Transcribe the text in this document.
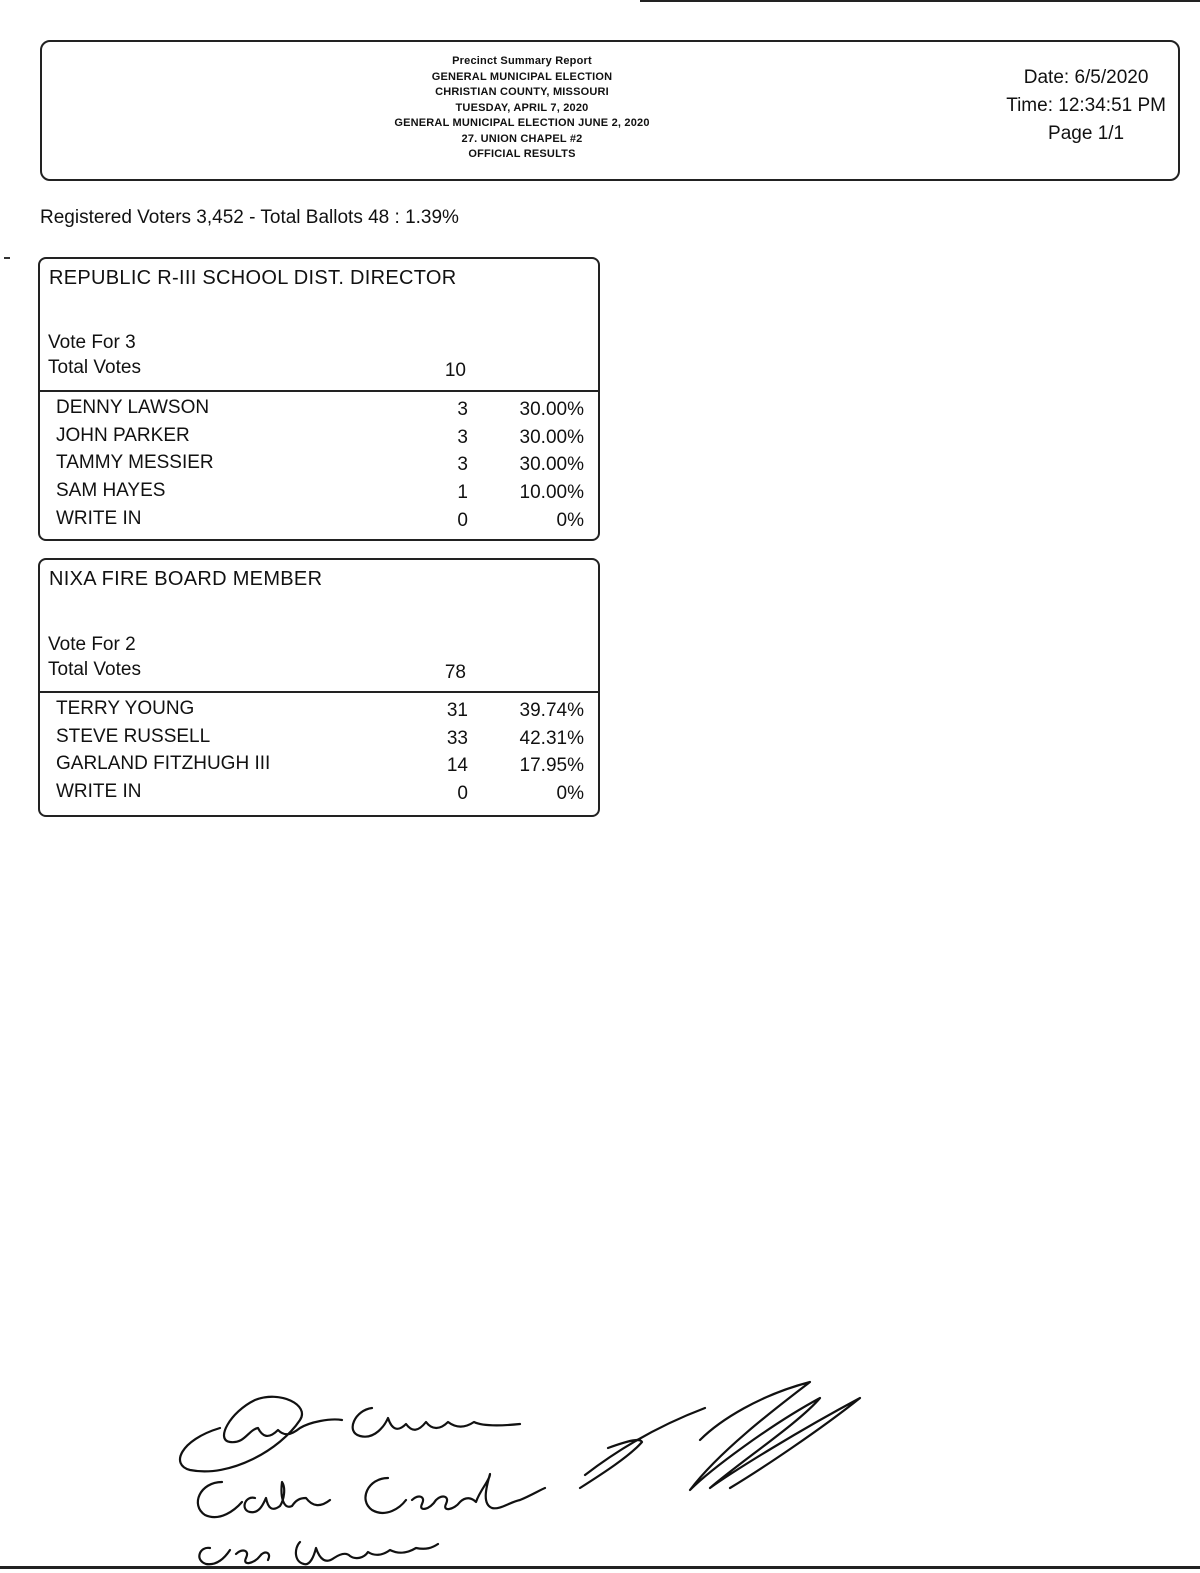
Precinct Summary Report
GENERAL MUNICIPAL ELECTION
CHRISTIAN COUNTY, MISSOURI
TUESDAY, APRIL 7, 2020
GENERAL MUNICIPAL ELECTION JUNE 2, 2020
27. UNION CHAPEL #2
OFFICIAL RESULTS
Date: 6/5/2020
Time: 12:34:51 PM
Page 1/1
Registered Voters 3,452 - Total Ballots 48 : 1.39%
REPUBLIC R-III SCHOOL DIST. DIRECTOR
Vote For 3
Total Votes	10
DENNY LAWSON	3	30.00%
JOHN PARKER	3	30.00%
TAMMY MESSIER	3	30.00%
SAM HAYES	1	10.00%
WRITE IN	0	0%
NIXA FIRE BOARD MEMBER
Vote For 2
Total Votes	78
TERRY YOUNG	31	39.74%
STEVE RUSSELL	33	42.31%
GARLAND FITZHUGH III	14	17.95%
WRITE IN	0	0%
